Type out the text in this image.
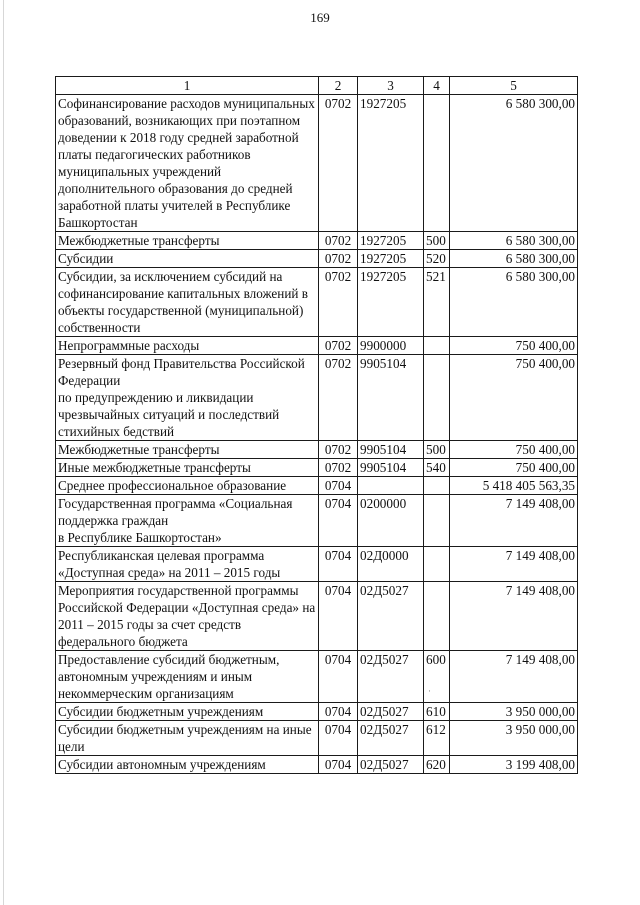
169
1	2	3	4	5
Софинансирование расходов муниципальных образований, возникающих при поэтапном доведении к 2018 году средней заработной платы педагогических работников муниципальных учреждений дополнительного образования до средней заработной платы учителей в Республике Башкортостан	0702	1927205		6 580 300,00
Межбюджетные трансферты	0702	1927205	500	6 580 300,00
Субсидии	0702	1927205	520	6 580 300,00
Субсидии, за исключением субсидий на софинансирование капитальных вложений в объекты государственной (муниципальной) собственности	0702	1927205	521	6 580 300,00
Непрограммные расходы	0702	9900000		750 400,00
Резервный фонд Правительства Российской Федерации
по предупреждению и ликвидации чрезвычайных ситуаций и последствий стихийных бедствий	0702	9905104		750 400,00
Межбюджетные трансферты	0702	9905104	500	750 400,00
Иные межбюджетные трансферты	0702	9905104	540	750 400,00
Среднее профессиональное образование	0704			5 418 405 563,35
Государственная программа «Социальная поддержка граждан
в Республике Башкортостан»	0704	0200000		7 149 408,00
Республиканская целевая программа «Доступная среда» на 2011 – 2015 годы	0704	02Д0000		7 149 408,00
Мероприятия государственной программы Российской Федерации «Доступная среда» на 2011 – 2015 годы за счет средств федерального бюджета	0704	02Д5027		7 149 408,00
Предоставление субсидий бюджетным, автономным учреждениям и иным некоммерческим организациям	0704	02Д5027	600	7 149 408,00
Субсидии бюджетным учреждениям	0704	02Д5027	610	3 950 000,00
Субсидии бюджетным учреждениям на иные цели	0704	02Д5027	612	3 950 000,00
Субсидии автономным учреждениям	0704	02Д5027	620	3 199 408,00
·
